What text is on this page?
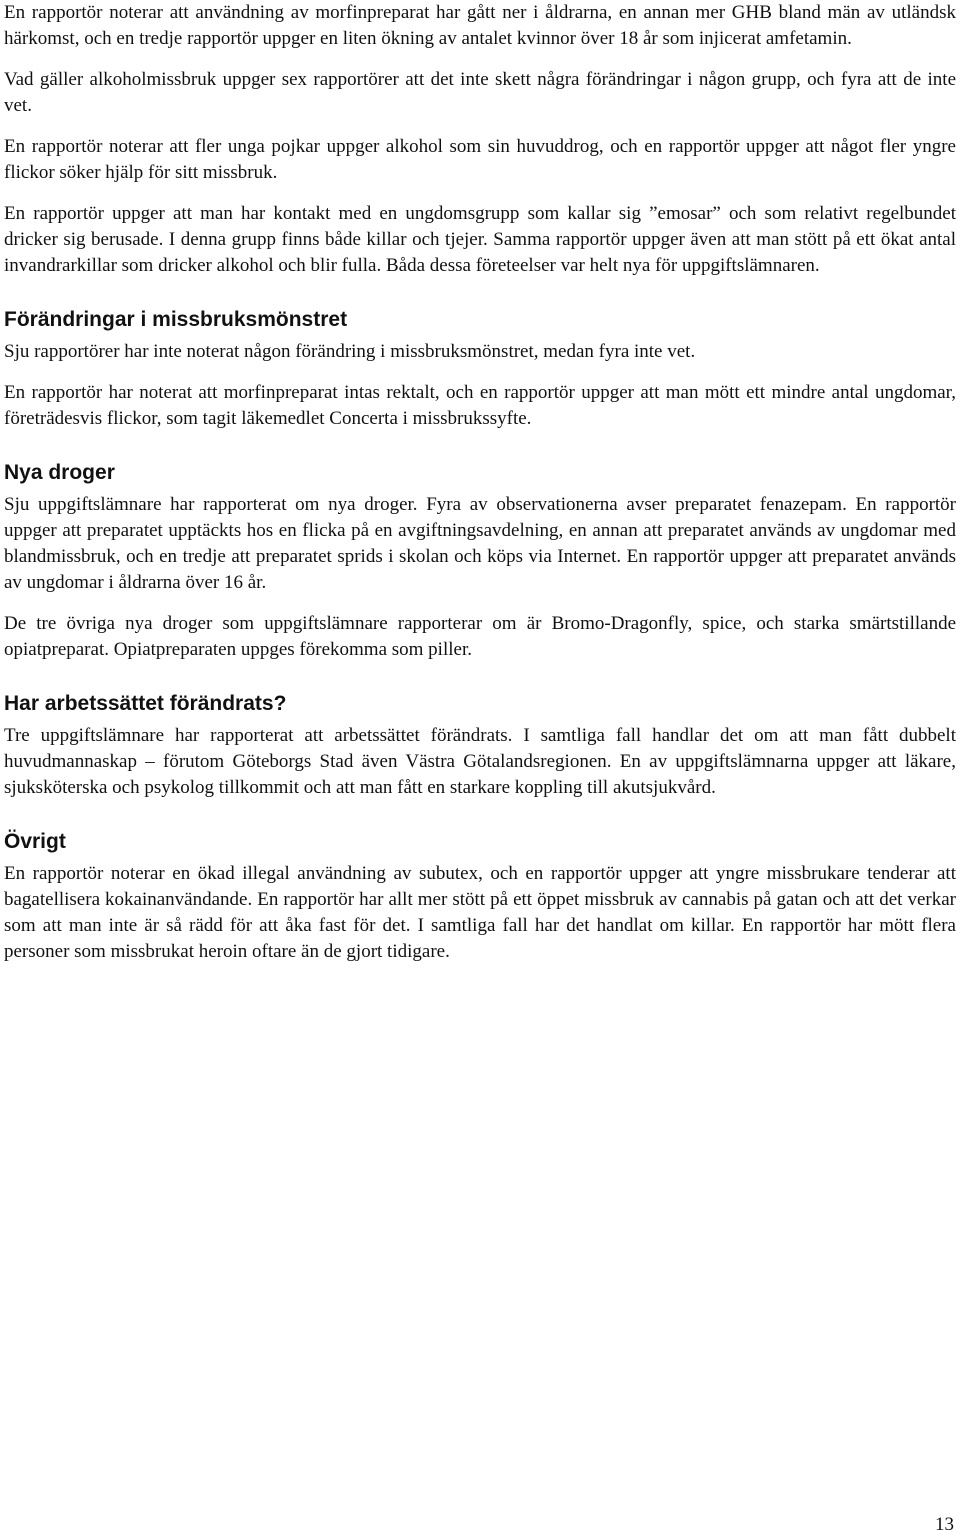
En rapportör noterar att användning av morfinpreparat har gått ner i åldrarna, en annan mer GHB bland män av utländsk härkomst, och en tredje rapportör uppger en liten ökning av antalet kvinnor över 18 år som injicerat amfetamin.

Vad gäller alkoholmissbruk uppger sex rapportörer att det inte skett några förändringar i någon grupp, och fyra att de inte vet.

En rapportör noterar att fler unga pojkar uppger alkohol som sin huvuddrog, och en rapportör uppger att något fler yngre flickor söker hjälp för sitt missbruk.

En rapportör uppger att man har kontakt med en ungdomsgrupp som kallar sig ”emosar” och som relativt regelbundet dricker sig berusade. I denna grupp finns både killar och tjejer. Samma rapportör uppger även att man stött på ett ökat antal invandrarkillar som dricker alkohol och blir fulla. Båda dessa företeelser var helt nya för uppgiftslämnaren.

Förändringar i missbruksmönstret

Sju rapportörer har inte noterat någon förändring i missbruksmönstret, medan fyra inte vet.

En rapportör har noterat att morfinpreparat intas rektalt, och en rapportör uppger att man mött ett mindre antal ungdomar, företrädesvis flickor, som tagit läkemedlet Concerta i missbrukssyfte.

Nya droger

Sju uppgiftslämnare har rapporterat om nya droger. Fyra av observationerna avser preparatet fenazepam. En rapportör uppger att preparatet upptäckts hos en flicka på en avgiftningsavdelning, en annan att preparatet används av ungdomar med blandmissbruk, och en tredje att preparatet sprids i skolan och köps via Internet. En rapportör uppger att preparatet används av ungdomar i åldrarna över 16 år.

De tre övriga nya droger som uppgiftslämnare rapporterar om är Bromo-Dragonfly, spice, och starka smärtstillande opiatpreparat. Opiatpreparaten uppges förekomma som piller.

Har arbetssättet förändrats?

Tre uppgiftslämnare har rapporterat att arbetssättet förändrats. I samtliga fall handlar det om att man fått dubbelt huvudmannaskap – förutom Göteborgs Stad även Västra Götalandsregionen. En av uppgiftslämnarna uppger att läkare, sjuksköterska och psykolog tillkommit och att man fått en starkare koppling till akutsjukvård.

Övrigt

En rapportör noterar en ökad illegal användning av subutex, och en rapportör uppger att yngre missbrukare tenderar att bagatellisera kokainanvändande. En rapportör har allt mer stött på ett öppet missbruk av cannabis på gatan och att det verkar som att man inte är så rädd för att åka fast för det. I samtliga fall har det handlat om killar. En rapportör har mött flera personer som missbrukat heroin oftare än de gjort tidigare.

13
